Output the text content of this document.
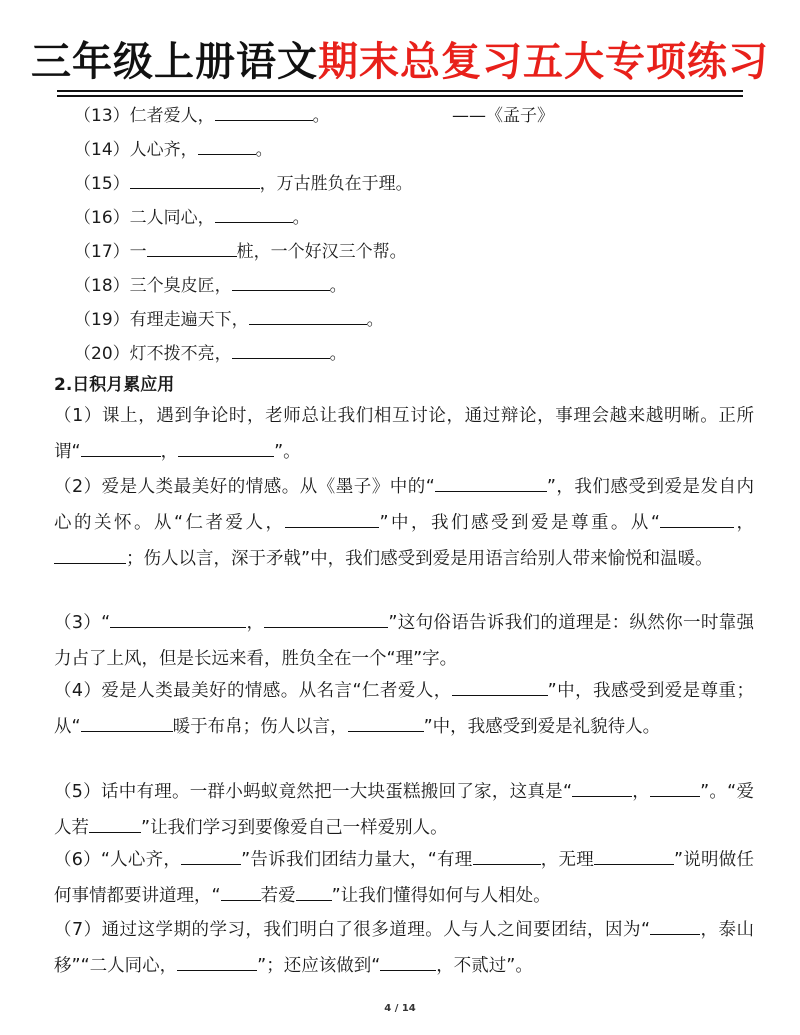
三年级上册语文期末总复习五大专项练习
（13）仁者爱人，	。	——《孟子》
（14）人心齐，	。
（15）	，万古胜负在于理。
（16）二人同心，	。
（17）一	桩，一个好汉三个帮。
（18）三个臭皮匠，	。
（19）有理走遍天下，	。
（20）灯不拨不亮，	。
2.日积月累应用
（1）课上，遇到争论时，老师总让我们相互讨论，通过辩论，事理会越来越明晰。正所谓“	，	”。
（2）爱是人类最美好的情感。从《墨子》中的“	”，我们感受到爱是发自内心的关怀。从“仁者爱人，	”中，我们感受到爱是尊重。从“	，；伤人以言，深于矛戟”中，我们感受到爱是用语言给别人带来愉悦和温暖。
（3）“	，	”这句俗语告诉我们的道理是：纵然你一时靠强力占了上风，但是长远来看，胜负全在一个“理”字。
（4）爱是人类最美好的情感。从名言“仁者爱人，	”中，我感受到爱是尊重；从“	暖于布帛；伤人以言，	”中，我感受到爱是礼貌待人。
（5）话中有理。一群小蚂蚁竟然把一大块蛋糕搬回了家，这真是“	，	”。“爱人若	”让我们学习到要像爱自己一样爱别人。
（6）“人心齐，	”告诉我们团结力量大，“有理	，无理	”说明做任何事情都要讲道理，“ 若爱 ”让我们懂得如何与人相处。
（7）通过这学期的学习，我们明白了很多道理。人与人之间要团结，因为“	，泰山移”“二人同心，	”；还应该做到“	，不贰过”。
4 / 14
